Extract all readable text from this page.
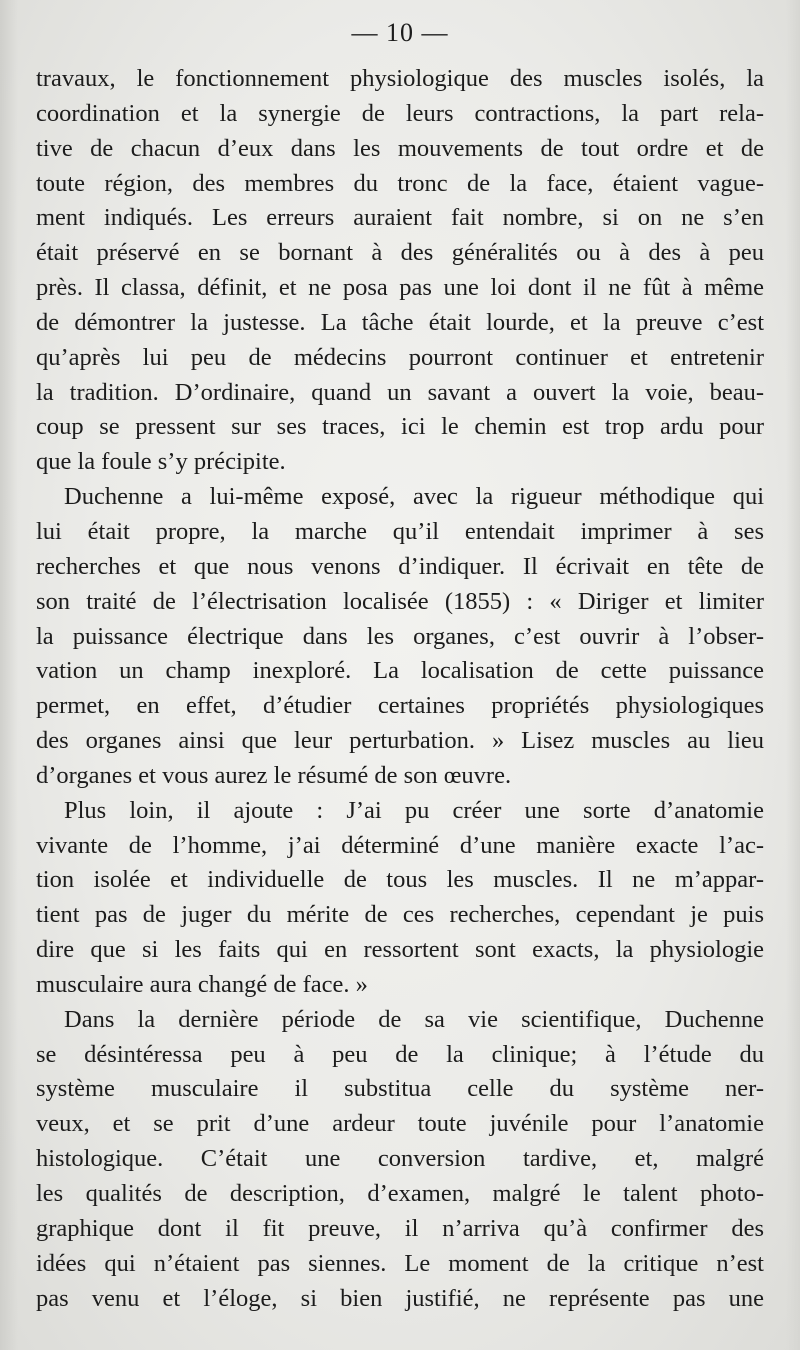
— 10 —
travaux, le fonctionnement physiologique des muscles isolés, la
coordination et la synergie de leurs contractions, la part rela-
tive de chacun d’eux dans les mouvements de tout ordre et de
toute région, des membres du tronc de la face, étaient vague-
ment indiqués. Les erreurs auraient fait nombre, si on ne s’en
était préservé en se bornant à des généralités ou à des à peu
près. Il classa, définit, et ne posa pas une loi dont il ne fût à même
de démontrer la justesse. La tâche était lourde, et la preuve c’est
qu’après lui peu de médecins pourront continuer et entretenir
la tradition. D’ordinaire, quand un savant a ouvert la voie, beau-
coup se pressent sur ses traces, ici le chemin est trop ardu pour
que la foule s’y précipite.
Duchenne a lui-même exposé, avec la rigueur méthodique qui
lui était propre, la marche qu’il entendait imprimer à ses
recherches et que nous venons d’indiquer. Il écrivait en tête de
son traité de l’électrisation localisée (1855) : « Diriger et limiter
la puissance électrique dans les organes, c’est ouvrir à l’obser-
vation un champ inexploré. La localisation de cette puissance
permet, en effet, d’étudier certaines propriétés physiologiques
des organes ainsi que leur perturbation. » Lisez muscles au lieu
d’organes et vous aurez le résumé de son œuvre.
Plus loin, il ajoute : J’ai pu créer une sorte d’anatomie
vivante de l’homme, j’ai déterminé d’une manière exacte l’ac-
tion isolée et individuelle de tous les muscles. Il ne m’appar-
tient pas de juger du mérite de ces recherches, cependant je puis
dire que si les faits qui en ressortent sont exacts, la physiologie
musculaire aura changé de face. »
Dans la dernière période de sa vie scientifique, Duchenne
se désintéressa peu à peu de la clinique; à l’étude du
système musculaire il substitua celle du système ner-
veux, et se prit d’une ardeur toute juvénile pour l’anatomie
histologique. C’était une conversion tardive, et, malgré
les qualités de description, d’examen, malgré le talent photo-
graphique dont il fit preuve, il n’arriva qu’à confirmer des
idées qui n’étaient pas siennes. Le moment de la critique n’est
pas venu et l’éloge, si bien justifié, ne représente pas une
